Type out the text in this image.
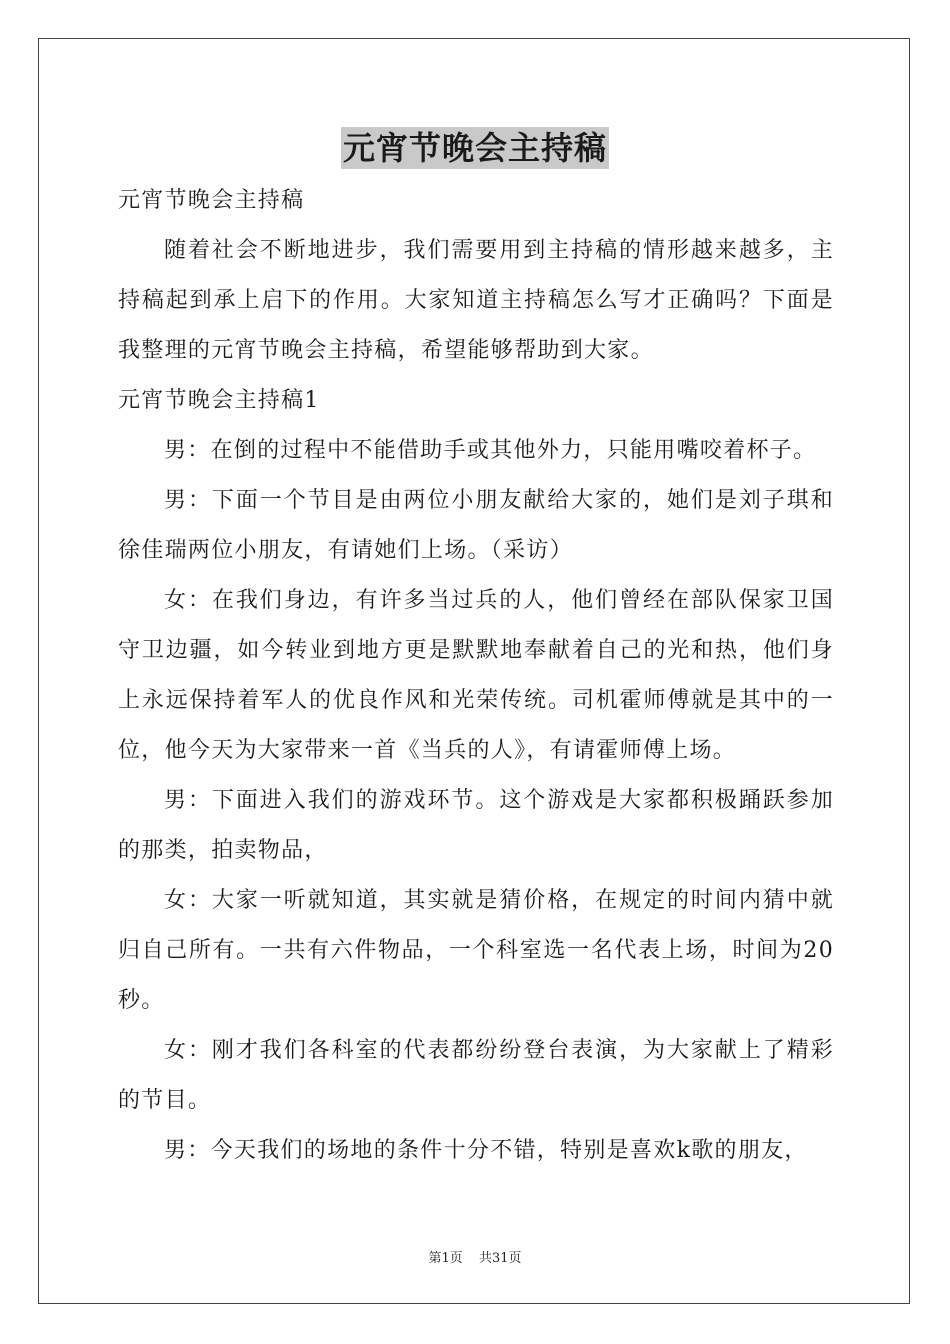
元宵节晚会主持稿

元宵节晚会主持稿

随着社会不断地进步，我们需要用到主持稿的情形越来越多，主持稿起到承上启下的作用。大家知道主持稿怎么写才正确吗？下面是我整理的元宵节晚会主持稿，希望能够帮助到大家。

元宵节晚会主持稿1

男：在倒的过程中不能借助手或其他外力，只能用嘴咬着杯子。

男：下面一个节目是由两位小朋友献给大家的，她们是刘子琪和徐佳瑞两位小朋友，有请她们上场。（采访）

女：在我们身边，有许多当过兵的人，他们曾经在部队保家卫国守卫边疆，如今转业到地方更是默默地奉献着自己的光和热，他们身上永远保持着军人的优良作风和光荣传统。司机霍师傅就是其中的一位，他今天为大家带来一首《当兵的人》，有请霍师傅上场。

男：下面进入我们的游戏环节。这个游戏是大家都积极踊跃参加的那类，拍卖物品，

女：大家一听就知道，其实就是猜价格，在规定的时间内猜中就归自己所有。一共有六件物品，一个科室选一名代表上场，时间为20秒。

女：刚才我们各科室的代表都纷纷登台表演，为大家献上了精彩的节目。

男：今天我们的场地的条件十分不错，特别是喜欢k歌的朋友，

第1页 共31页
